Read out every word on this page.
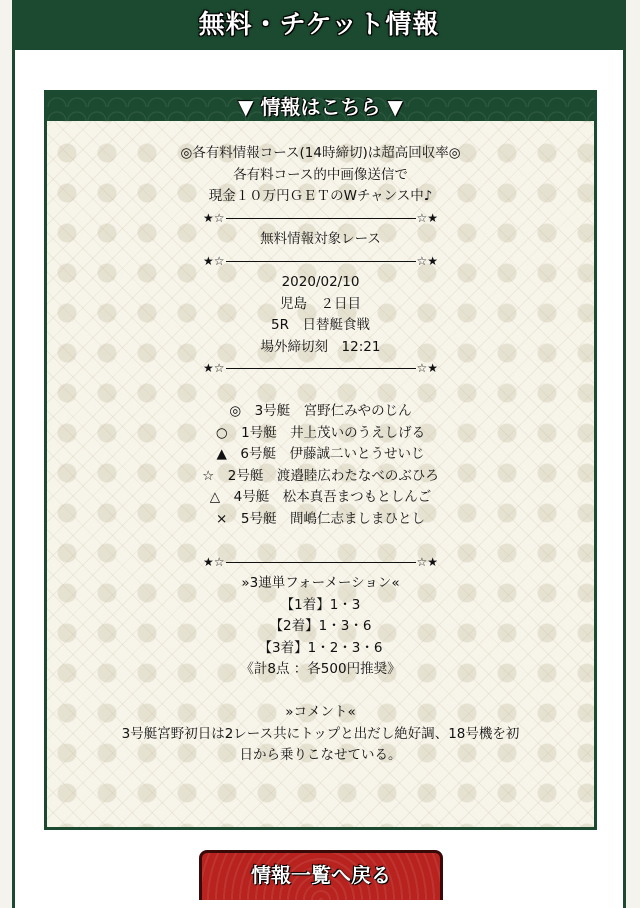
無料・チケット情報
▼ 情報はこちら ▼
◎各有料情報コース(14時締切)は超高回収率◎
各有料コース的中画像送信で
現金１０万円ＧＥＴのWチャンス中♪
★☆	☆★
無料情報対象レース
★☆	☆★
2020/02/10
児島　２日目
5R　日替艇食戦
場外締切刻　12:21
★☆	☆★
◎　3号艇　宮野仁みやのじん
○　1号艇　井上茂いのうえしげる
▲　6号艇　伊藤誠二いとうせいじ
☆　2号艇　渡邉睦広わたなべのぶひろ
△　4号艇　松本真吾まつもとしんご
×　5号艇　間嶋仁志ましまひとし
★☆	☆★
»3連単フォーメーション«
【1着】1・3
【2着】1・3・6
【3着】1・2・3・6
《計8点 ：各500円推奨》
»コメント«
3号艇宮野初日は2レース共にトップと出だし絶好調、18号機を初
日から乗りこなせている。
情報一覧へ戻る
